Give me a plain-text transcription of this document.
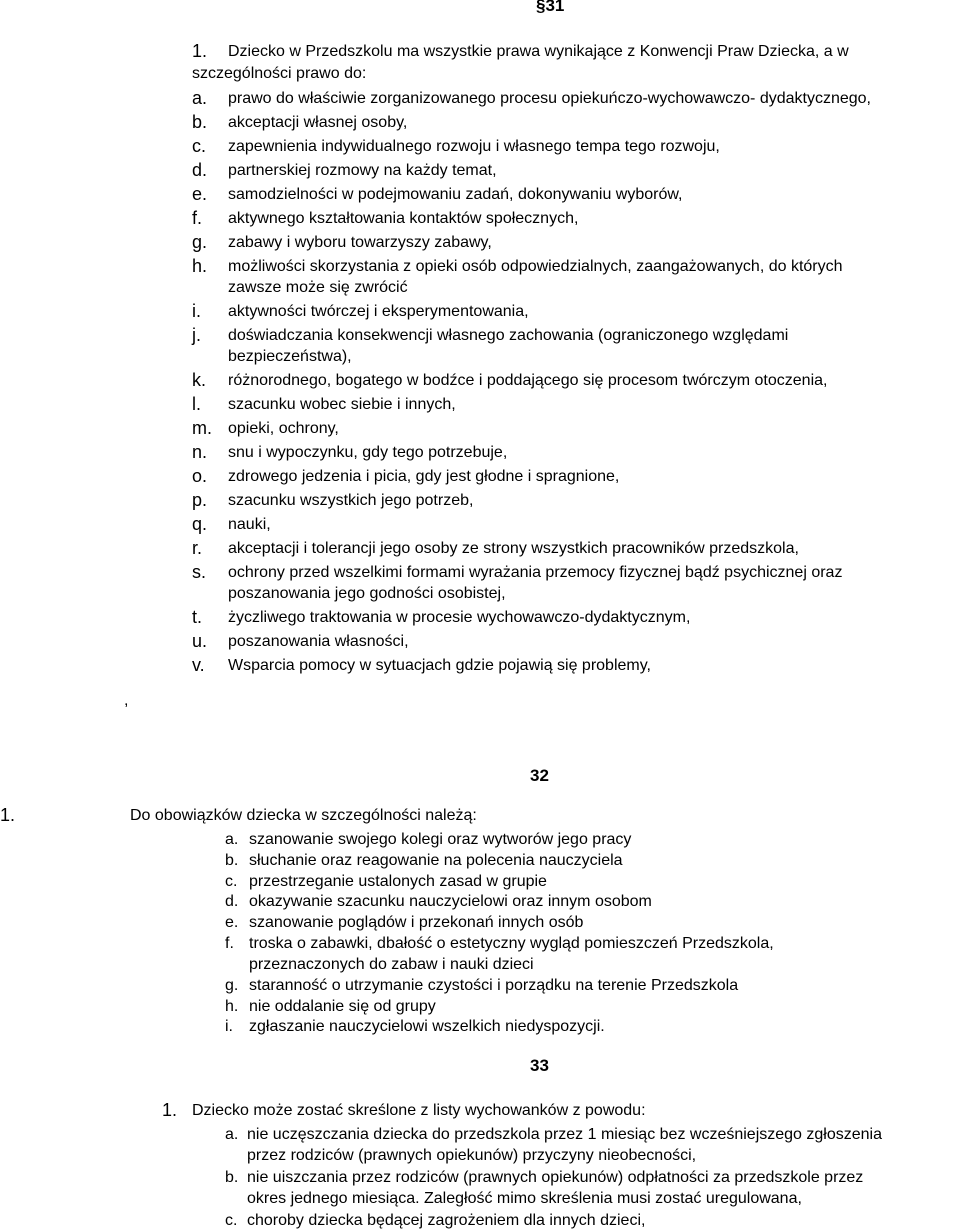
§31
1. Dziecko w Przedszkolu ma wszystkie prawa wynikające z Konwencji Praw Dziecka, a w
szczególności prawo do:
a. prawo do właściwie zorganizowanego procesu opiekuńczo-wychowawczo- dydaktycznego,
b. akceptacji własnej osoby,
c. zapewnienia indywidualnego rozwoju i własnego tempa tego rozwoju,
d. partnerskiej rozmowy na każdy temat,
e. samodzielności w podejmowaniu zadań, dokonywaniu wyborów,
f. aktywnego kształtowania kontaktów społecznych,
g. zabawy i wyboru towarzyszy zabawy,
h. możliwości skorzystania z opieki osób odpowiedzialnych, zaangażowanych, do których
zawsze może się zwrócić
i. aktywności twórczej i eksperymentowania,
j. doświadczania konsekwencji własnego zachowania (ograniczonego względami
bezpieczeństwa),
k. różnorodnego, bogatego w bodźce i poddającego się procesom twórczym otoczenia,
l. szacunku wobec siebie i innych,
m. opieki, ochrony,
n. snu i wypoczynku, gdy tego potrzebuje,
o. zdrowego jedzenia i picia, gdy jest głodne i spragnione,
p. szacunku wszystkich jego potrzeb,
q. nauki,
r. akceptacji i tolerancji jego osoby ze strony wszystkich pracowników przedszkola,
s. ochrony przed wszelkimi formami wyrażania przemocy fizycznej bądź psychicznej oraz
poszanowania jego godności osobistej,
t. życzliwego traktowania w procesie wychowawczo-dydaktycznym,
u. poszanowania własności,
v. Wsparcia pomocy w sytuacjach gdzie pojawią się problemy,
,
32
1.	Do obowiązków dziecka w szczególności należą:
a. szanowanie swojego kolegi oraz wytworów jego pracy
b. słuchanie oraz reagowanie na polecenia nauczyciela
c. przestrzeganie ustalonych zasad w grupie
d. okazywanie szacunku nauczycielowi oraz innym osobom
e. szanowanie poglądów i przekonań innych osób
f. troska o zabawki, dbałość o estetyczny wygląd pomieszczeń Przedszkola,
przeznaczonych do zabaw i nauki dzieci
g. staranność o utrzymanie czystości i porządku na terenie Przedszkola
h. nie oddalanie się od grupy
i. zgłaszanie nauczycielowi wszelkich niedyspozycji.
33
1. Dziecko może zostać skreślone z listy wychowanków z powodu:
a. nie uczęszczania dziecka do przedszkola przez 1 miesiąc bez wcześniejszego zgłoszenia
przez rodziców (prawnych opiekunów) przyczyny nieobecności,
b. nie uiszczania przez rodziców (prawnych opiekunów) odpłatności za przedszkole przez
okres jednego miesiąca. Zaległość mimo skreślenia musi zostać uregulowana,
c. choroby dziecka będącej zagrożeniem dla innych dzieci,
